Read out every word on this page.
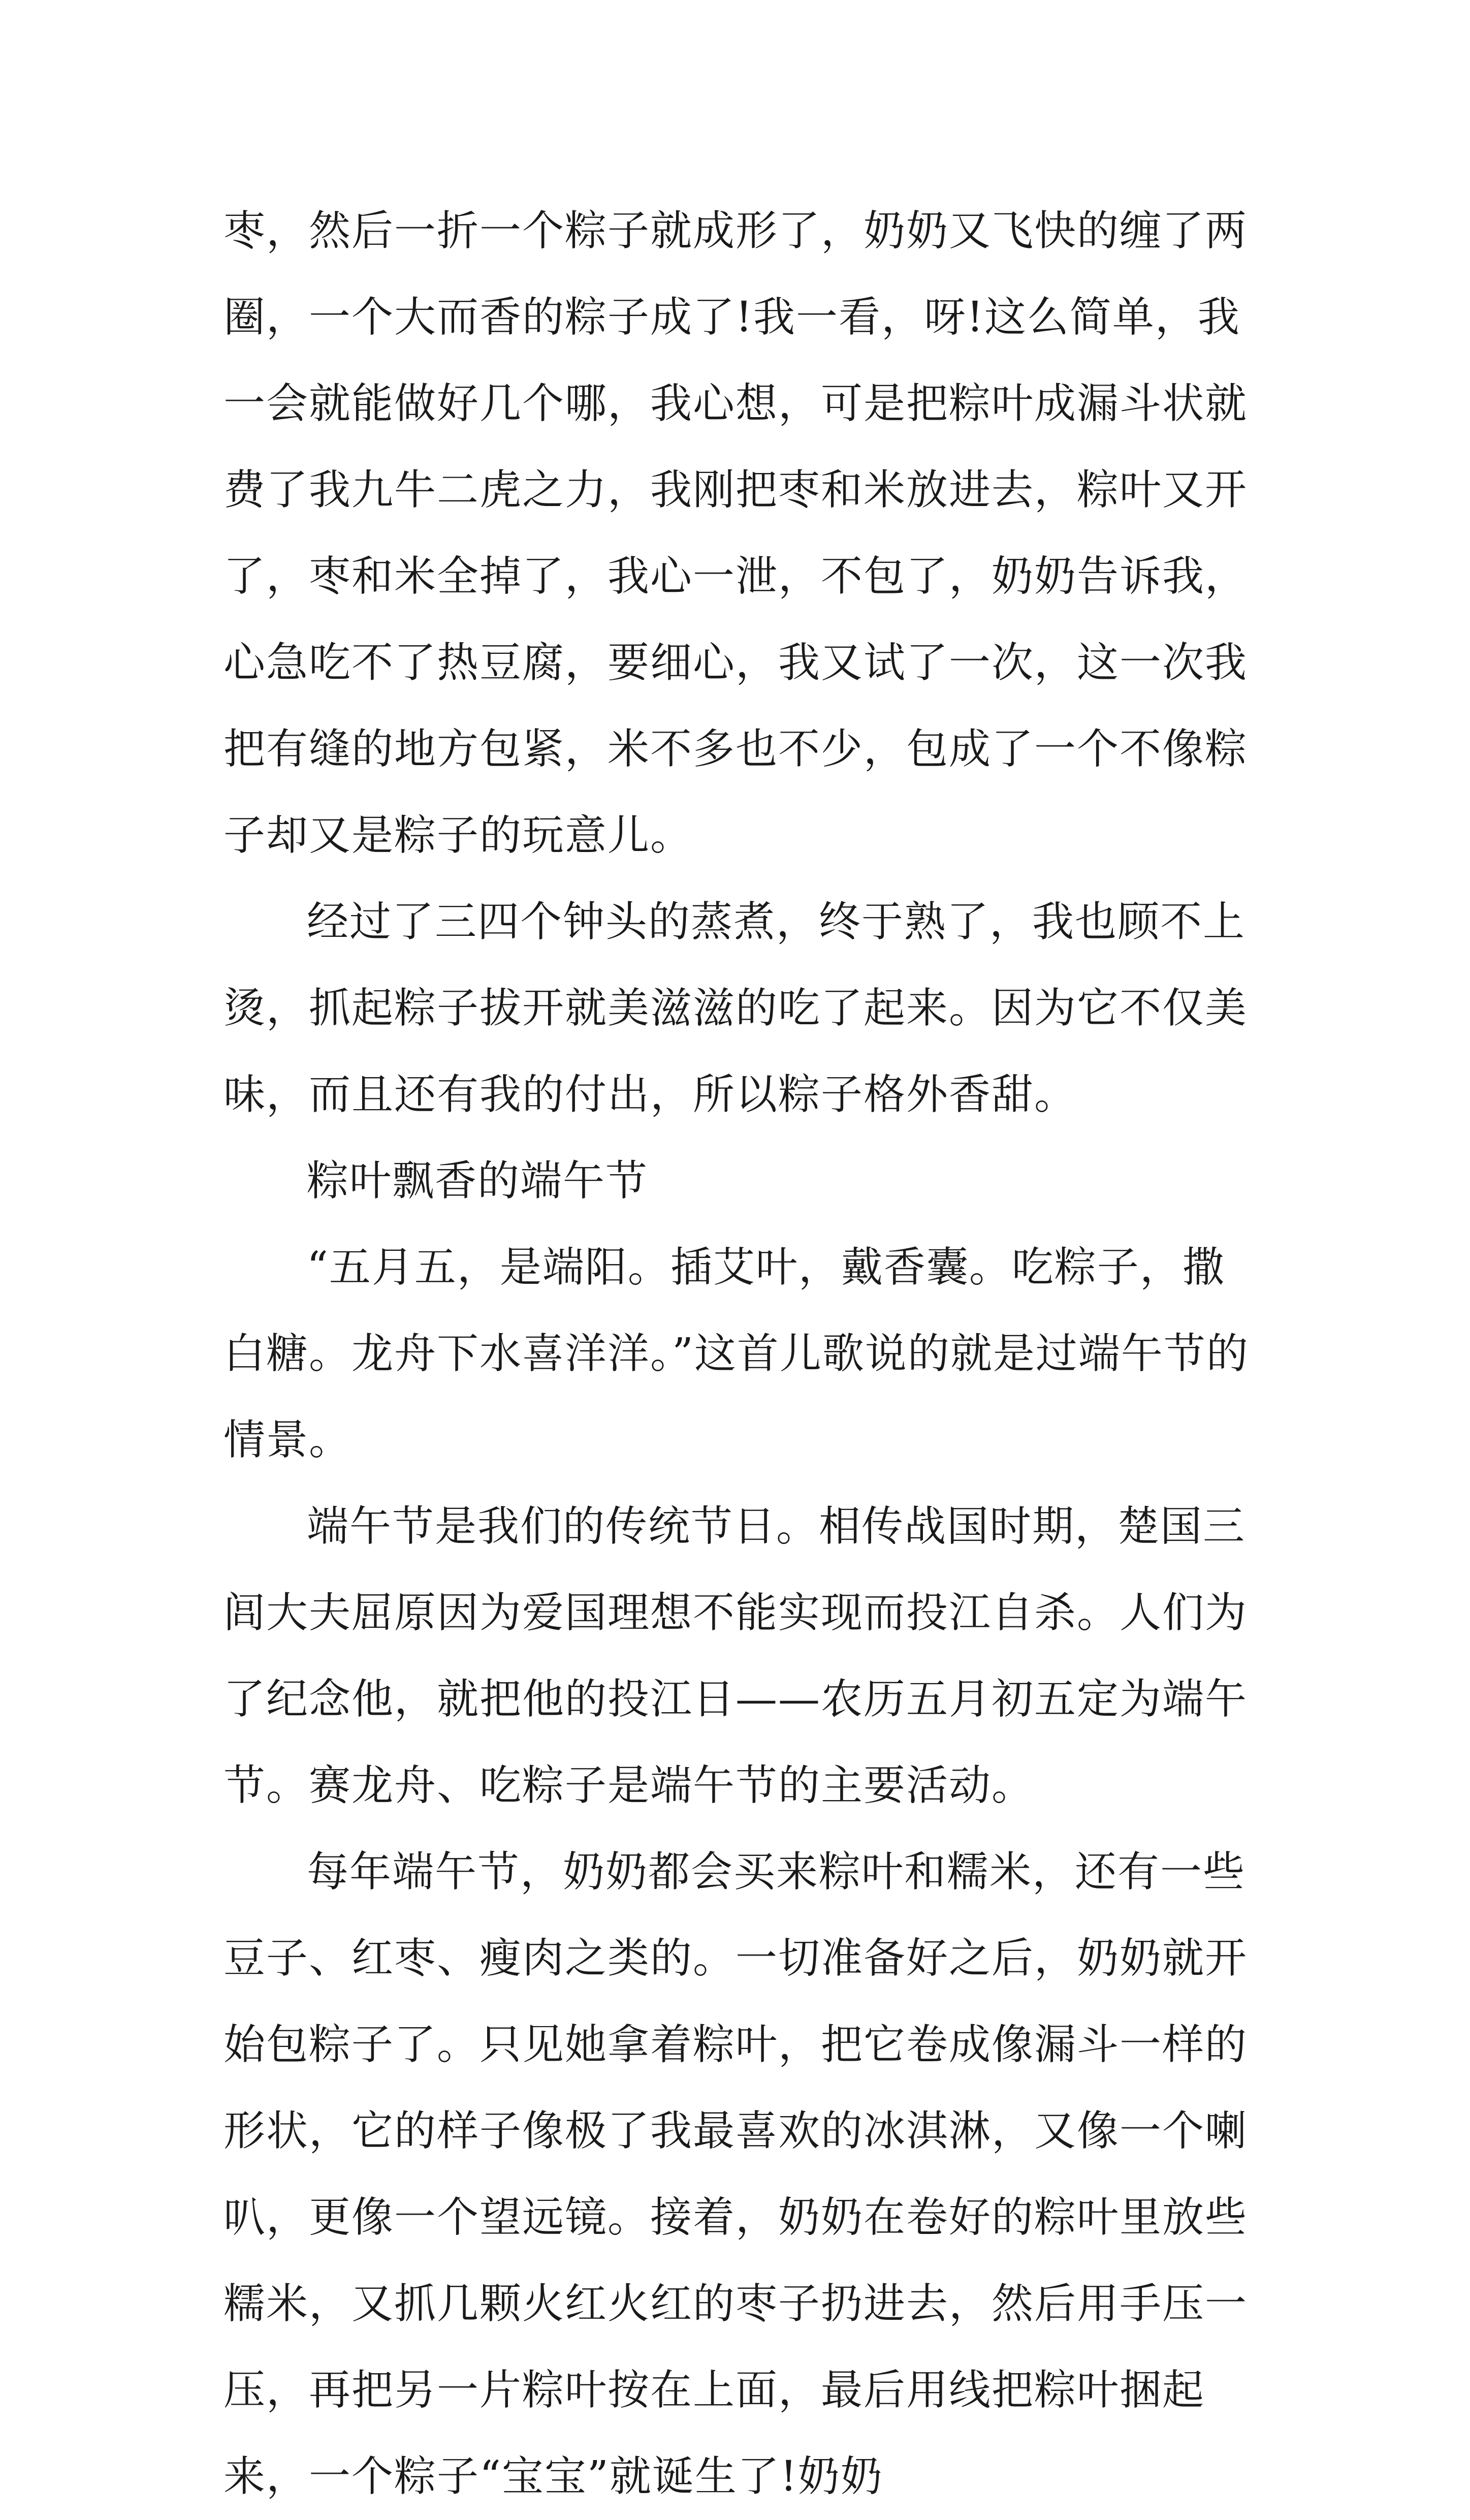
枣，然后一折一个粽子就成形了，奶奶又飞快的缠了两圈，一个大而香的粽子成了!我一看，呀!这么简单，我一会就能做好几个哪，我心想，可是把粽叶成漏斗状就费了我九牛二虎之力，我刚把枣和米放进去，粽叶又开了，枣和米全掉了，我心一泄，不包了，奶奶告诉我，心急吃不了热豆腐，要细心，我又试了一次，这一次我把有缝的地方包紧，米不多也不少，包成了一个不像粽子却又是粽子的玩意儿。

经过了三四个钟头的蒸煮，终于熟了，我也顾不上烫，抓起粽子拔开就美滋滋的吃了起来。因为它不仅美味，而且还有我的付出，所以粽子格外香甜。

粽叶飘香的端午节

“五月五，是端阳。插艾叶，戴香囊。吃粽子，撒白糖。龙舟下水喜洋洋。”这首儿歌说的就是过端午节的情景。

端午节是我们的传统节日。相传战国时期，楚国三闾大夫屈原因为爱国理想不能实现而投江自杀。人们为了纪念他，就把他的投江日——农历五月初五定为端午节。赛龙舟、吃粽子是端午节的主要活动。

每年端午节，奶奶都会买来粽叶和糯米，还有一些豆子、红枣、瘦肉之类的。一切准备好之后，奶奶就开始包粽子了。只见她拿着粽叶，把它卷成像漏斗一样的形状，它的样子像极了我最喜欢的冰淇淋，又像一个喇叭，更像一个望远镜。接着，奶奶在卷好的粽叶里放些糯米，又抓几颗火红火红的枣子扔进去，然后用手压一压，再把另一片粽叶按在上面，最后用线把粽叶捆起来，一个粽子“宝宝”就诞生了!奶奶
